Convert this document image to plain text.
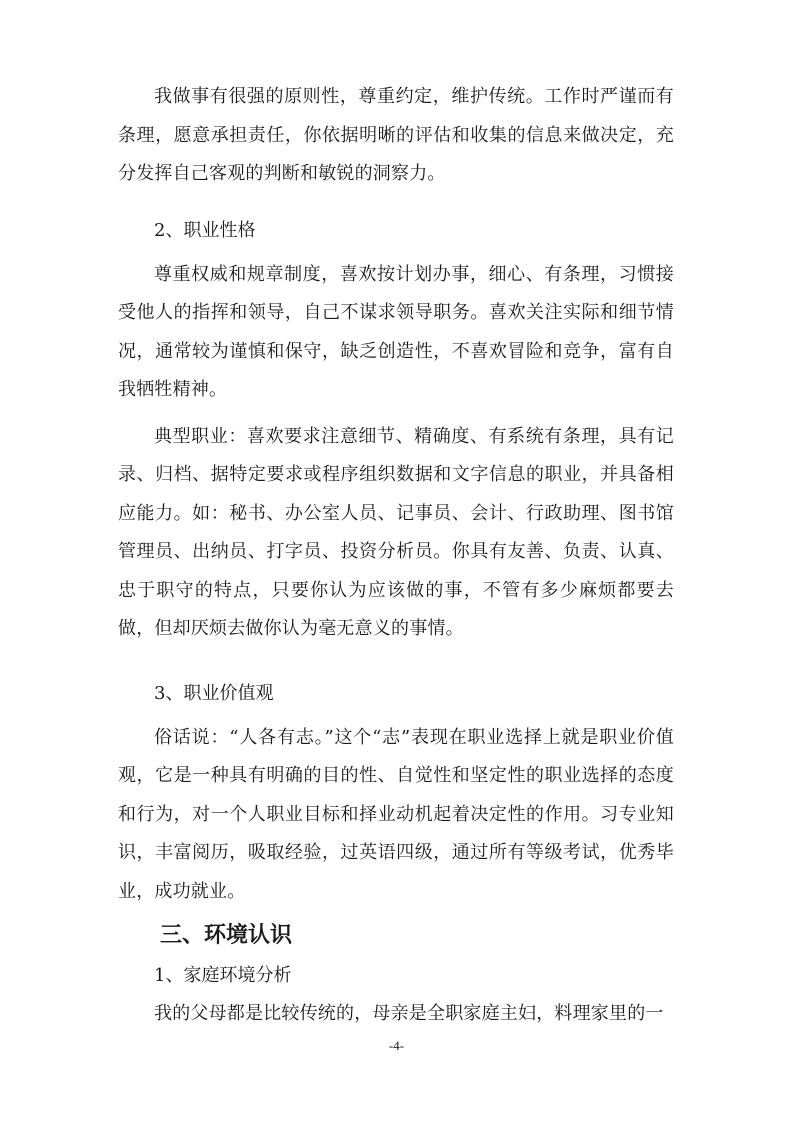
我做事有很强的原则性，尊重约定，维护传统。工作时严谨而有条理，愿意承担责任，你依据明晰的评估和收集的信息来做决定，充分发挥自己客观的判断和敏锐的洞察力。

2、职业性格

尊重权威和规章制度，喜欢按计划办事，细心、有条理，习惯接受他人的指挥和领导，自己不谋求领导职务。喜欢关注实际和细节情况，通常较为谨慎和保守，缺乏创造性，不喜欢冒险和竞争，富有自我牺牲精神。

典型职业：喜欢要求注意细节、精确度、有系统有条理，具有记录、归档、据特定要求或程序组织数据和文字信息的职业，并具备相应能力。如：秘书、办公室人员、记事员、会计、行政助理、图书馆管理员、出纳员、打字员、投资分析员。你具有友善、负责、认真、忠于职守的特点，只要你认为应该做的事，不管有多少麻烦都要去做，但却厌烦去做你认为毫无意义的事情。

3、职业价值观

俗话说：“人各有志。”这个“志”表现在职业选择上就是职业价值观，它是一种具有明确的目的性、自觉性和坚定性的职业选择的态度和行为，对一个人职业目标和择业动机起着决定性的作用。习专业知识，丰富阅历，吸取经验，过英语四级，通过所有等级考试，优秀毕业，成功就业。

三、环境认识

1、家庭环境分析

我的父母都是比较传统的，母亲是全职家庭主妇，料理家里的一

-4-
